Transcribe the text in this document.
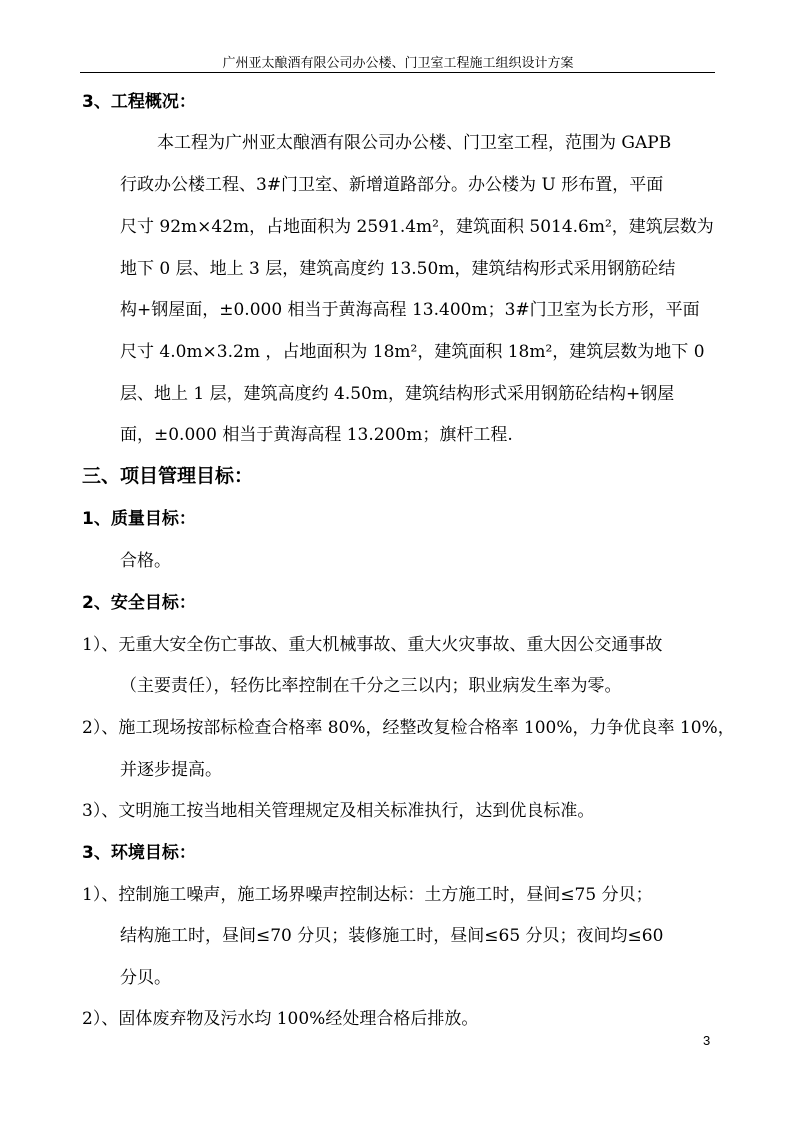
广州亚太酿酒有限公司办公楼、门卫室工程施工组织设计方案
3、工程概况：
本工程为广州亚太酿酒有限公司办公楼、门卫室工程，范围为 GAPB
行政办公楼工程、3#门卫室、新增道路部分。办公楼为 U 形布置，平面
尺寸 92m×42m，占地面积为 2591.4m²，建筑面积 5014.6m²，建筑层数为
地下 0 层、地上 3 层，建筑高度约 13.50m，建筑结构形式采用钢筋砼结
构+钢屋面，±0.000 相当于黄海高程 13.400m；3#门卫室为长方形，平面
尺寸 4.0m×3.2m ，占地面积为 18m²，建筑面积 18m²，建筑层数为地下 0
层、地上 1 层，建筑高度约 4.50m，建筑结构形式采用钢筋砼结构+钢屋
面，±0.000 相当于黄海高程 13.200m；旗杆工程.
三、项目管理目标：
1、质量目标：
合格。
2、安全目标：
1）、无重大安全伤亡事故、重大机械事故、重大火灾事故、重大因公交通事故
（主要责任），轻伤比率控制在千分之三以内；职业病发生率为零。
2）、施工现场按部标检查合格率 80%，经整改复检合格率 100%，力争优良率 10%，
并逐步提高。
3）、文明施工按当地相关管理规定及相关标准执行，达到优良标准。
3、环境目标：
1）、控制施工噪声，施工场界噪声控制达标：土方施工时，昼间≤75 分贝；
结构施工时，昼间≤70 分贝；装修施工时，昼间≤65 分贝；夜间均≤60
分贝。
2）、固体废弃物及污水均 100%经处理合格后排放。
3
